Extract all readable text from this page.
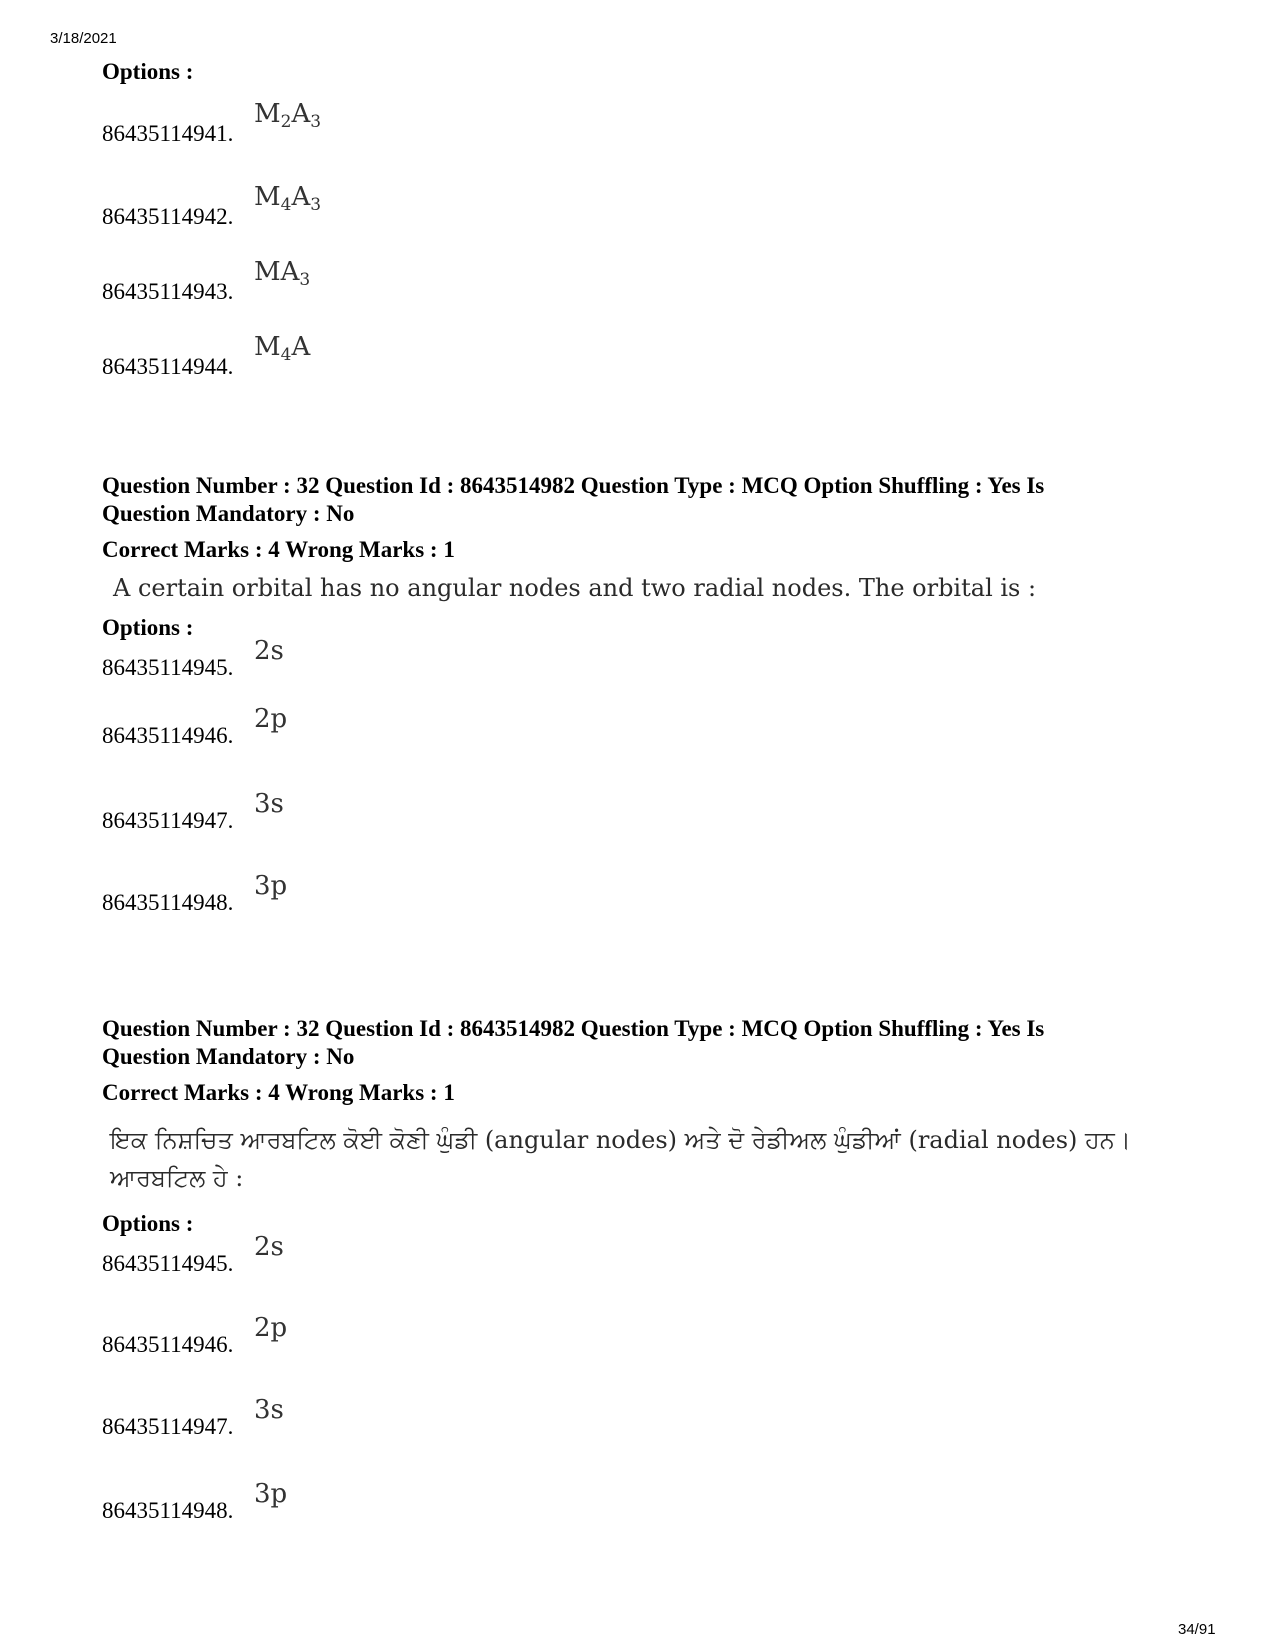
3/18/2021
Options :
86435114941.
$M_2A_3$
86435114942.
$M_4A_3$
86435114943.
$MA_3$
86435114944.
$M_4A$
Question Number : 32 Question Id : 8643514982 Question Type : MCQ Option Shuffling : Yes Is
Question Mandatory : No
Correct Marks : 4 Wrong Marks : 1
A certain orbital has no angular nodes and two radial nodes. The orbital is :
Options :
86435114945.
2s
86435114946.
2p
86435114947.
3s
86435114948.
3p
Question Number : 32 Question Id : 8643514982 Question Type : MCQ Option Shuffling : Yes Is
Question Mandatory : No
Correct Marks : 4 Wrong Marks : 1
ਇਕ ਨਿਸ਼ਚਿਤ ਆਰਬਟਿਲ ਕੋਈ ਕੋਣੀ ਘੁੰਡੀ (angular nodes) ਅਤੇ ਦੋ ਰੇਡੀਅਲ ਘੁੰਡੀਆਂ (radial nodes) ਹਨ। ਆਰਬਟਿਲ ਹੇ :
Options :
86435114945.
2s
86435114946.
2p
86435114947.
3s
86435114948.
3p
34/91
